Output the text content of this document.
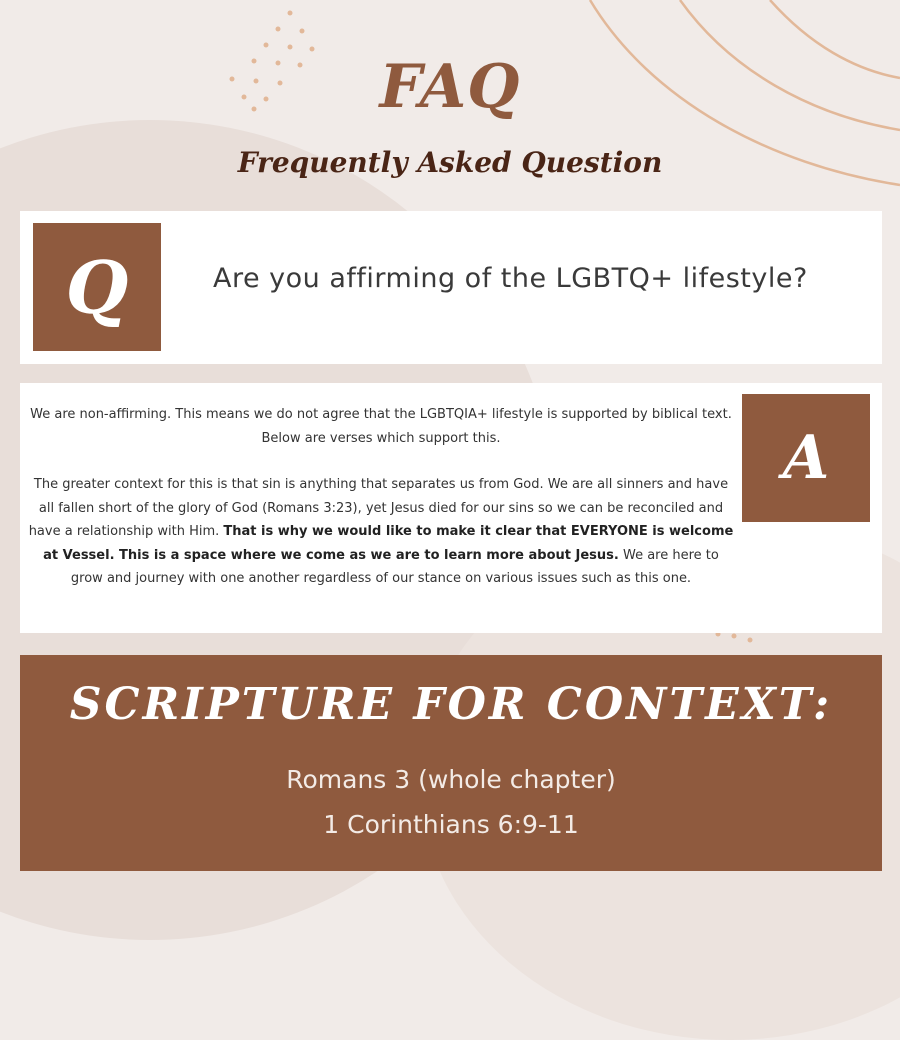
FAQ
Frequently Asked Question
Q	Are you affirming of the LGBTQ+ lifestyle?

We are non-affirming. This means we do not agree that the LGBTQIA+ lifestyle is supported by biblical text. Below are verses which support this.

The greater context for this is that sin is anything that separates us from God. We are all sinners and have all fallen short of the glory of God (Romans 3:23), yet Jesus died for our sins so we can be reconciled and have a relationship with Him. That is why we would like to make it clear that EVERYONE is welcome at Vessel. This is a space where we come as we are to learn more about Jesus. We are here to grow and journey with one another regardless of our stance on various issues such as this one.

A
SCRIPTURE FOR CONTEXT:
Romans 3 (whole chapter)
1 Corinthians 6:9-11
